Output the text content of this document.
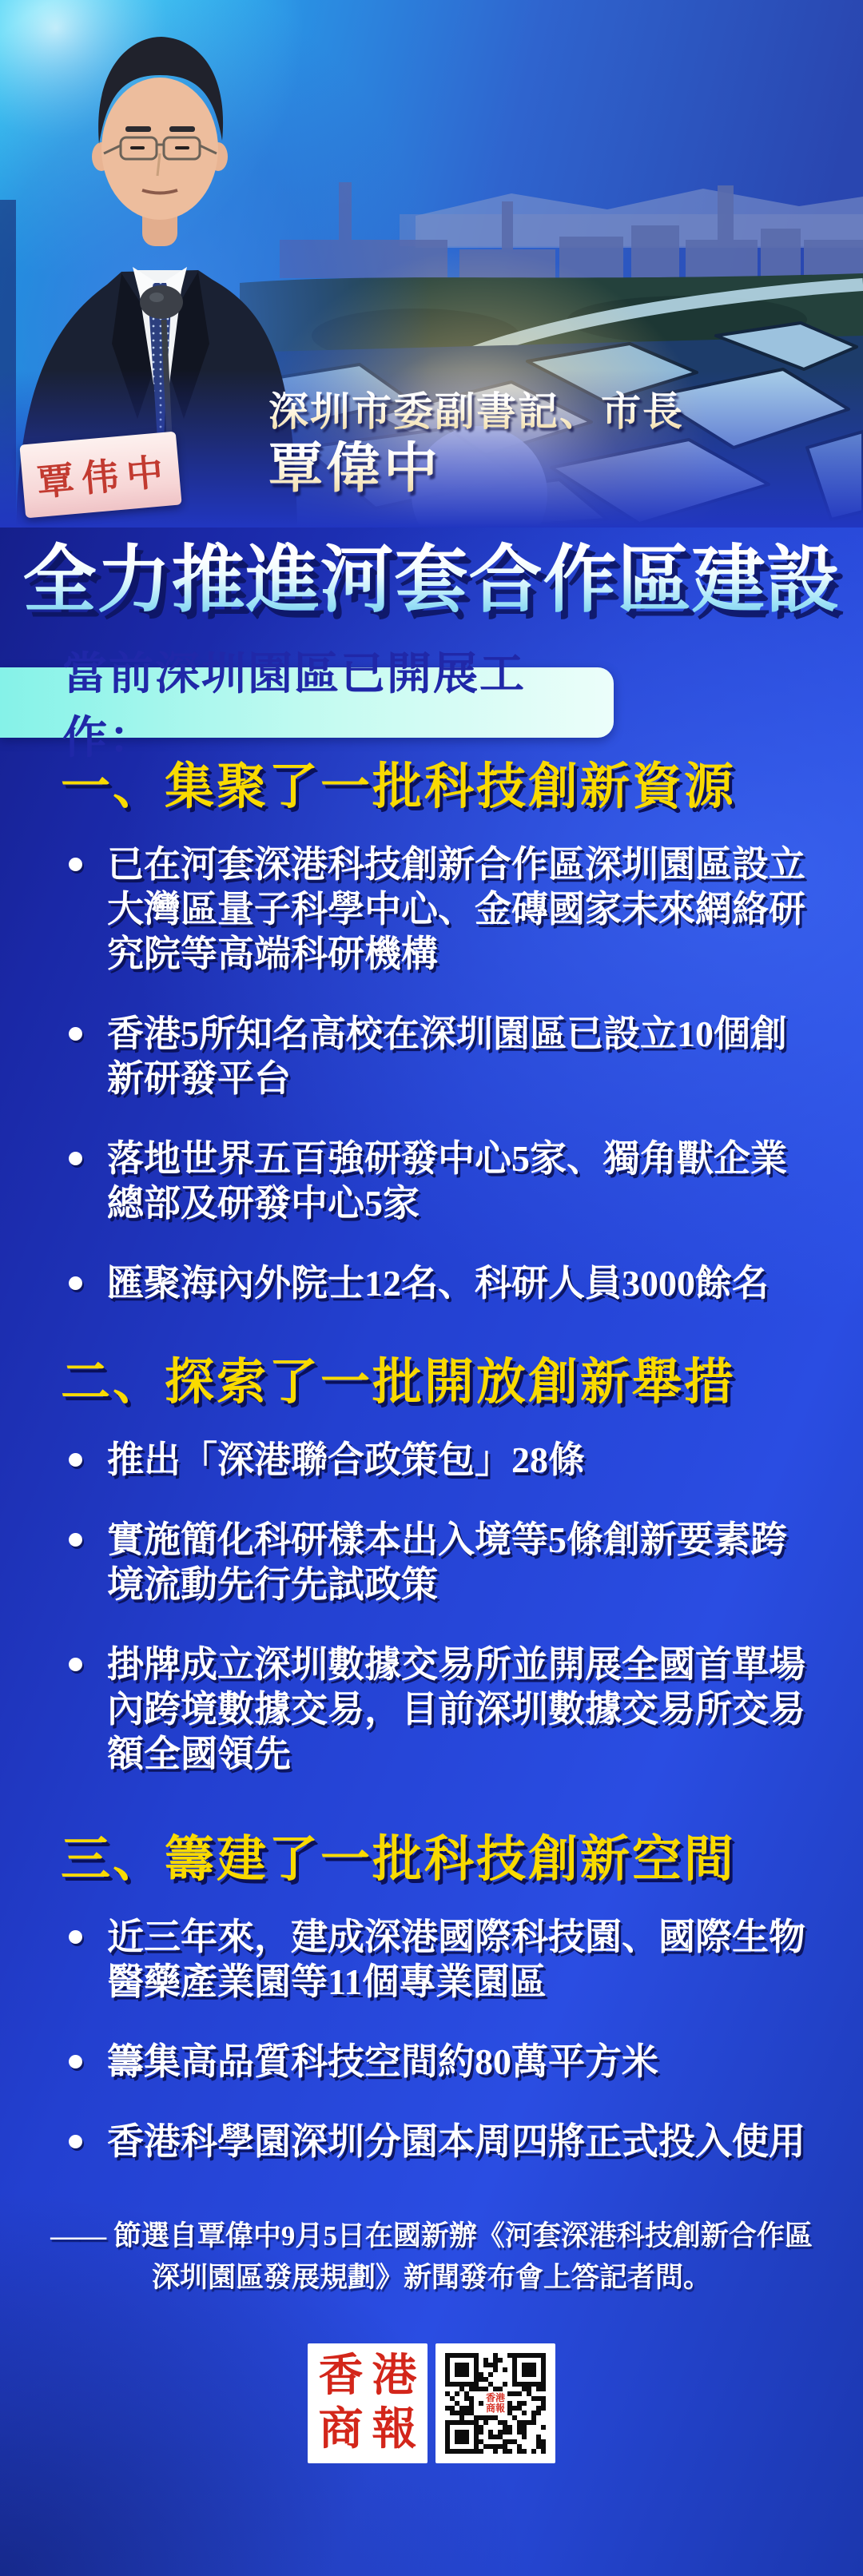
覃伟中
深圳市委副書記、市長
覃偉中
全力推進河套合作區建設
當前深圳園區已開展工作：
一、集聚了一批科技創新資源
已在河套深港科技創新合作區深圳園區設立大灣區量子科學中心、金磚國家未來網絡研究院等高端科研機構
香港5所知名高校在深圳園區已設立10個創新研發平台
落地世界五百強研發中心5家、獨角獸企業總部及研發中心5家
匯聚海內外院士12名、科研人員3000餘名
二、探索了一批開放創新舉措
推出「深港聯合政策包」28條
實施簡化科研樣本出入境等5條創新要素跨境流動先行先試政策
掛牌成立深圳數據交易所並開展全國首單場內跨境數據交易，目前深圳數據交易所交易額全國領先
三、籌建了一批科技創新空間
近三年來，建成深港國際科技園、國際生物醫藥產業園等11個專業園區
籌集高品質科技空間約80萬平方米
香港科學園深圳分園本周四將正式投入使用
—— 節選自覃偉中9月5日在國新辦《河套深港科技創新合作區
深圳園區發展規劃》新聞發布會上答記者問。
香 港
商 報
香港
商報
